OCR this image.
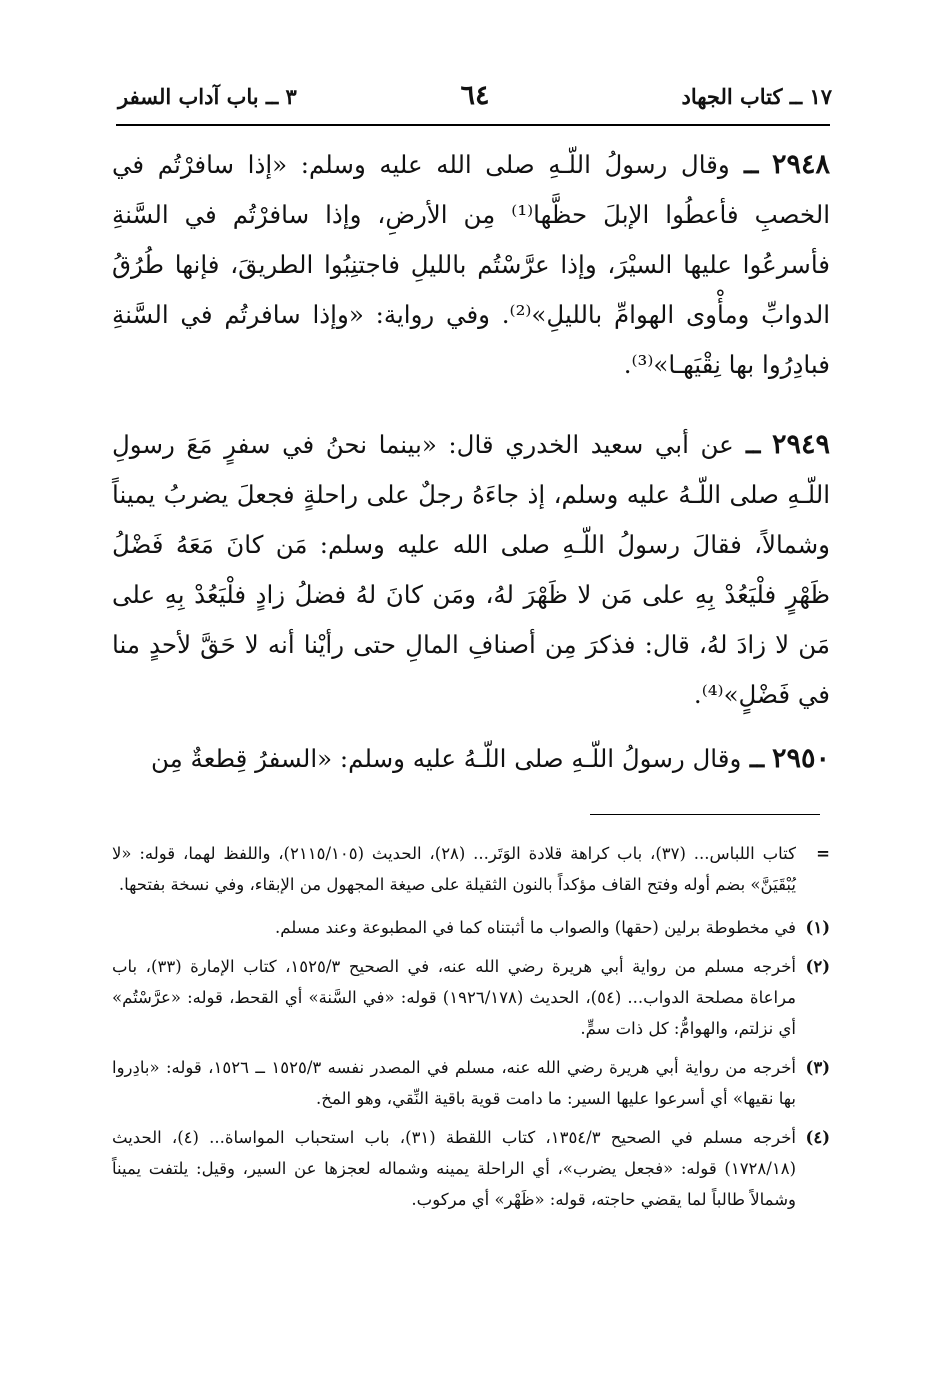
١٧ ــ كتاب الجهاد
٦٤
٣ ــ باب آداب السفر

٢٩٤٨ ــ وقال رسولُ اللّـهِ صلى الله عليه وسلم: «إذا سافرْتُم في الخصبِ فأعطُوا الإبلَ حظَّها⁽¹⁾ مِن الأرضِ، وإذا سافرْتُم في السَّنةِ فأسرعُوا عليها السيْرَ، وإذا عرَّسْتُم بالليلِ فاجتنِبُوا الطريقَ، فإنها طُرُقُ الدوابِّ ومأْوى الهوامِّ بالليلِ»⁽²⁾. وفي رواية: «وإذا سافرتُم في السَّنةِ فبادِرُوا بها نِقْيَهـا»⁽³⁾.

٢٩٤٩ ــ عن أبي سعيد الخدري قال: «بينما نحنُ في سفرٍ مَعَ رسولِ اللّـهِ صلى اللّـهُ عليه وسلم، إذ جاءَهُ رجلٌ على راحلةٍ فجعلَ يضربُ يميناً وشمالاً، فقالَ رسولُ اللّـهِ صلى الله عليه وسلم: مَن كانَ مَعَهُ فَضْلُ ظَهْرٍ فلْيَعُدْ بِهِ على مَن لا ظَهْرَ لهُ، ومَن كانَ لهُ فضلُ زادٍ فلْيَعُدْ بِهِ على مَن لا زادَ لهُ، قال: فذكرَ مِن أصنافِ المالِ حتى رأيْنا أنه لا حَقَّ لأحدٍ منا في فَضْلٍ»⁽⁴⁾.

٢٩٥٠ ــ وقال رسولُ اللّـهِ صلى اللّـهُ عليه وسلم: «السفرُ قِطعةٌ مِن

=
كتاب اللباس... (٣٧)، باب كراهة قلادة الوَتَر... (٢٨)، الحديث (٢١١٥/١٠٥)، واللفظ لهما، قوله: «لا يُبْقَيَنَّ» بضم أوله وفتح القاف مؤكداً بالنون الثقيلة على صيغة المجهول من الإبقاء، وفي نسخة بفتحها.
(١)
في مخطوطة برلين (حقها) والصواب ما أثبتناه كما في المطبوعة وعند مسلم.
(٢)
أخرجه مسلم من رواية أبي هريرة رضي الله عنه، في الصحيح ١٥٢٥/٣، كتاب الإمارة (٣٣)، باب مراعاة مصلحة الدواب... (٥٤)، الحديث (١٩٢٦/١٧٨) قوله: «في السَّنة» أي القحط، قوله: «عرَّسْتُم» أي نزلتم، والهوامُّ: كل ذات سمٍّ.
(٣)
أخرجه من رواية أبي هريرة رضي الله عنه، مسلم في المصدر نفسه ١٥٢٥/٣ ــ ١٥٢٦، قوله: «بادِروا بها نقيها» أي أسرعوا عليها السير: ما دامت قوية باقية النِّقي، وهو المخ.
(٤)
أخرجه مسلم في الصحيح ١٣٥٤/٣، كتاب اللقطة (٣١)، باب استحباب المواساة... (٤)، الحديث (١٧٢٨/١٨) قوله: «فجعل يضرب»، أي الراحلة يمينه وشماله لعجزها عن السير، وقيل: يلتفت يميناً وشمالاً طالباً لما يقضي حاجته، قوله: «ظَهْر» أي مركوب.
